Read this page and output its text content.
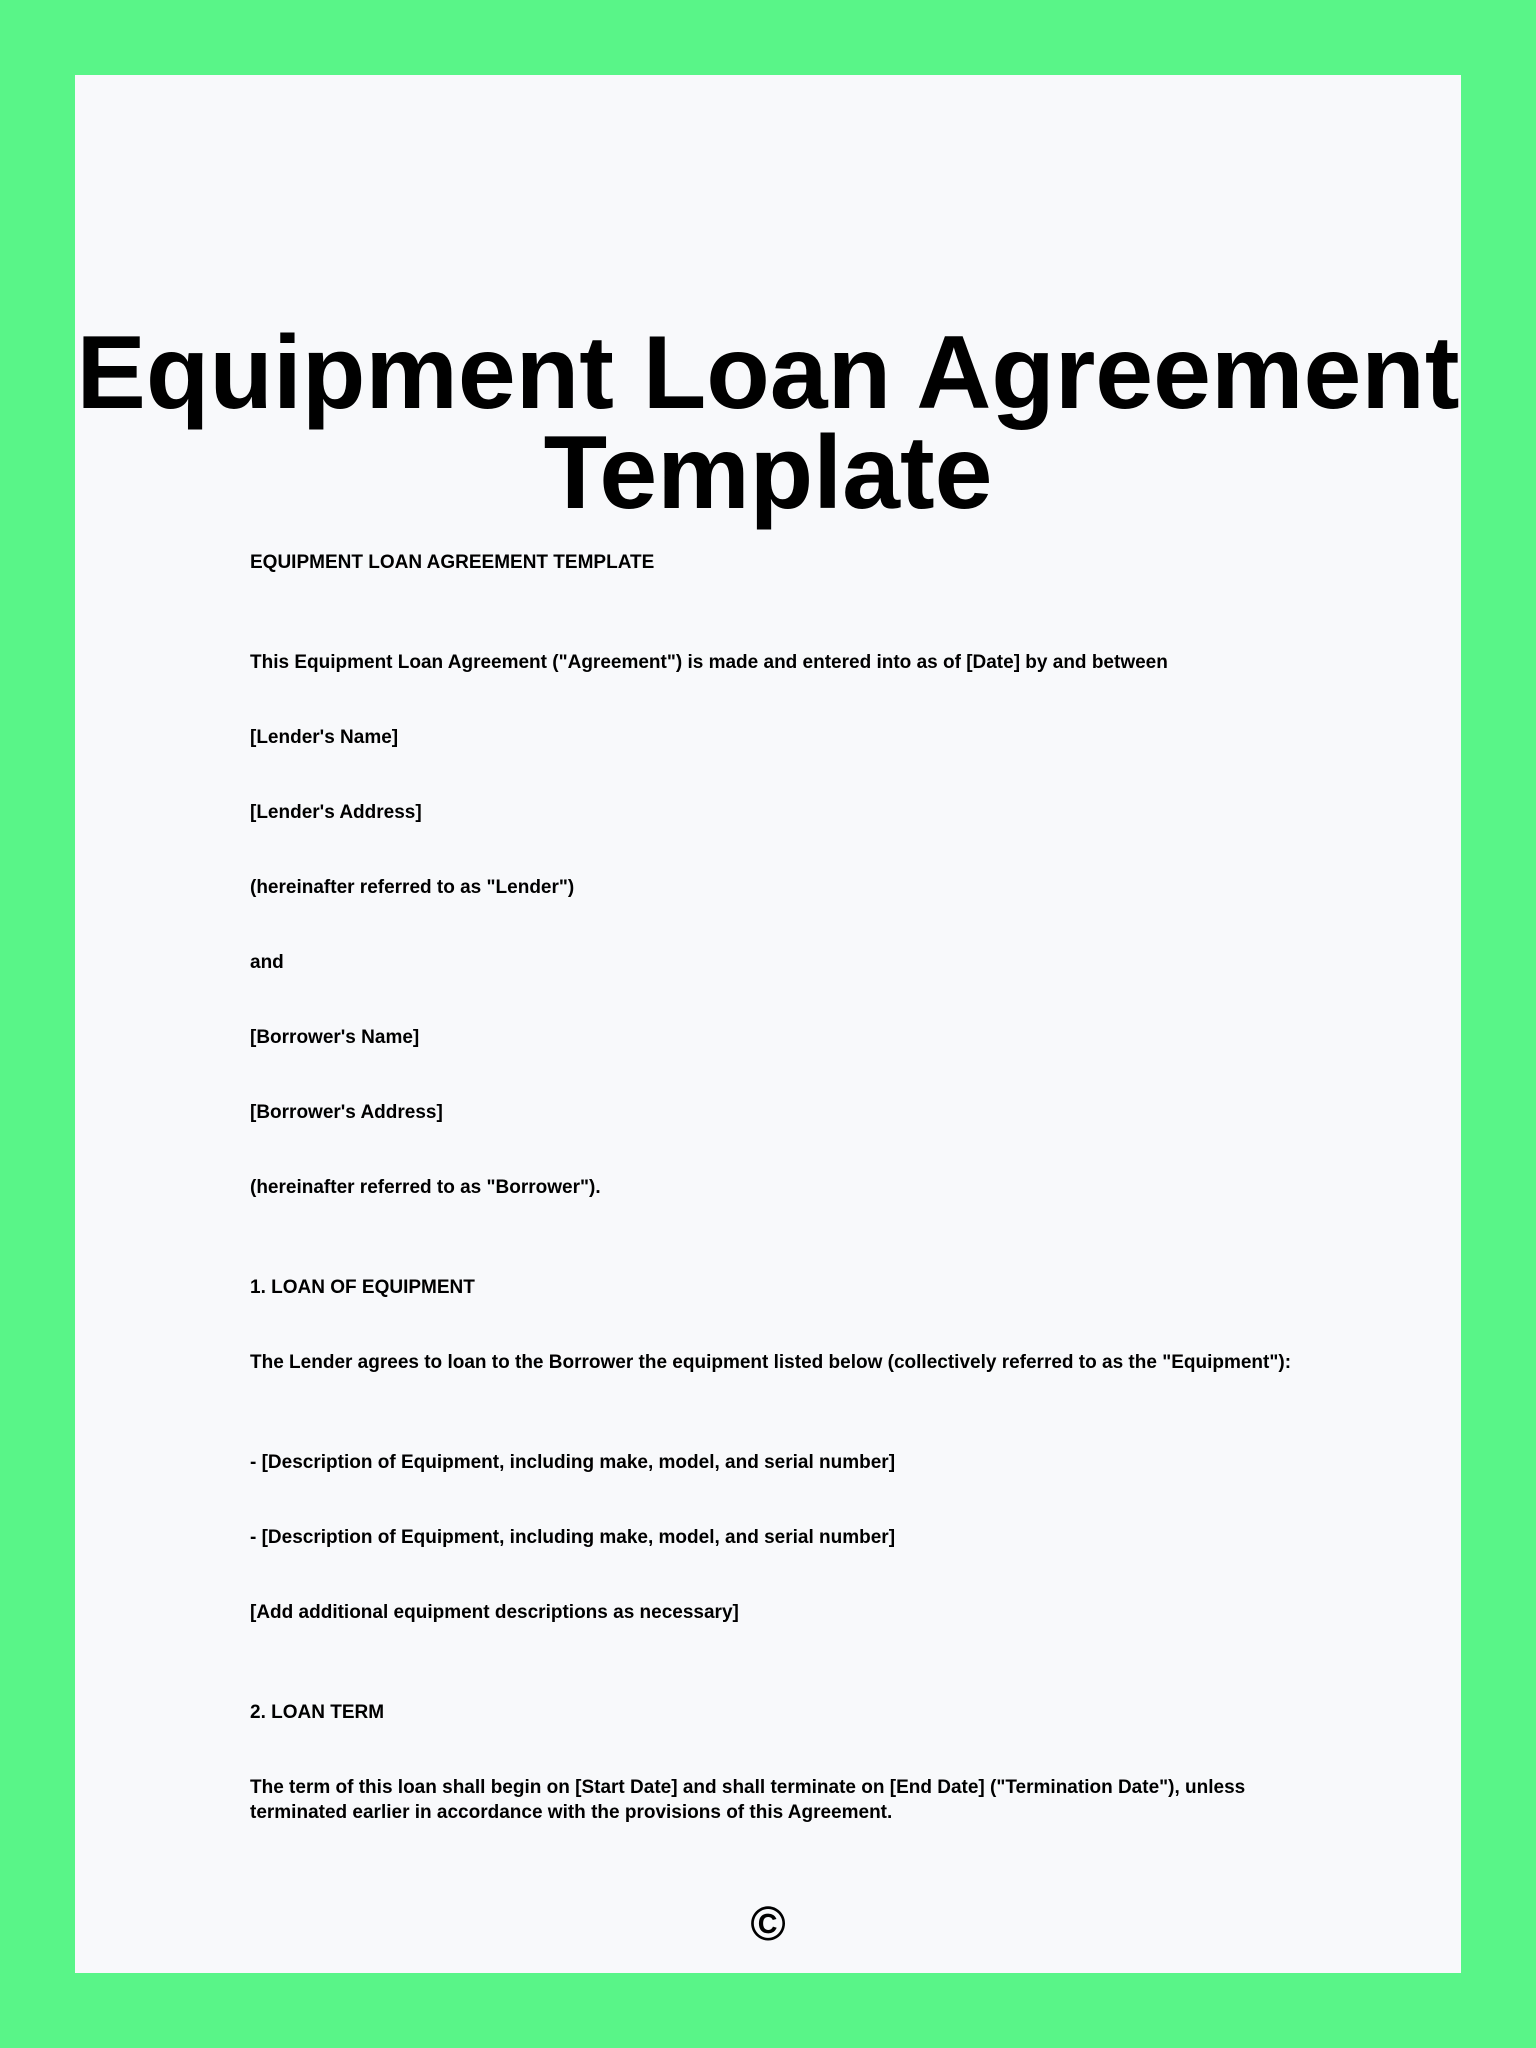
Equipment Loan Agreement Template

EQUIPMENT LOAN AGREEMENT TEMPLATE

This Equipment Loan Agreement ("Agreement") is made and entered into as of [Date] by and between

[Lender's Name]

[Lender's Address]

(hereinafter referred to as "Lender")

and

[Borrower's Name]

[Borrower's Address]

(hereinafter referred to as "Borrower").

1. LOAN OF EQUIPMENT

The Lender agrees to loan to the Borrower the equipment listed below (collectively referred to as the "Equipment"):

- [Description of Equipment, including make, model, and serial number]

- [Description of Equipment, including make, model, and serial number]

[Add additional equipment descriptions as necessary]

2. LOAN TERM

The term of this loan shall begin on [Start Date] and shall terminate on [End Date] ("Termination Date"), unless terminated earlier in accordance with the provisions of this Agreement.

©
